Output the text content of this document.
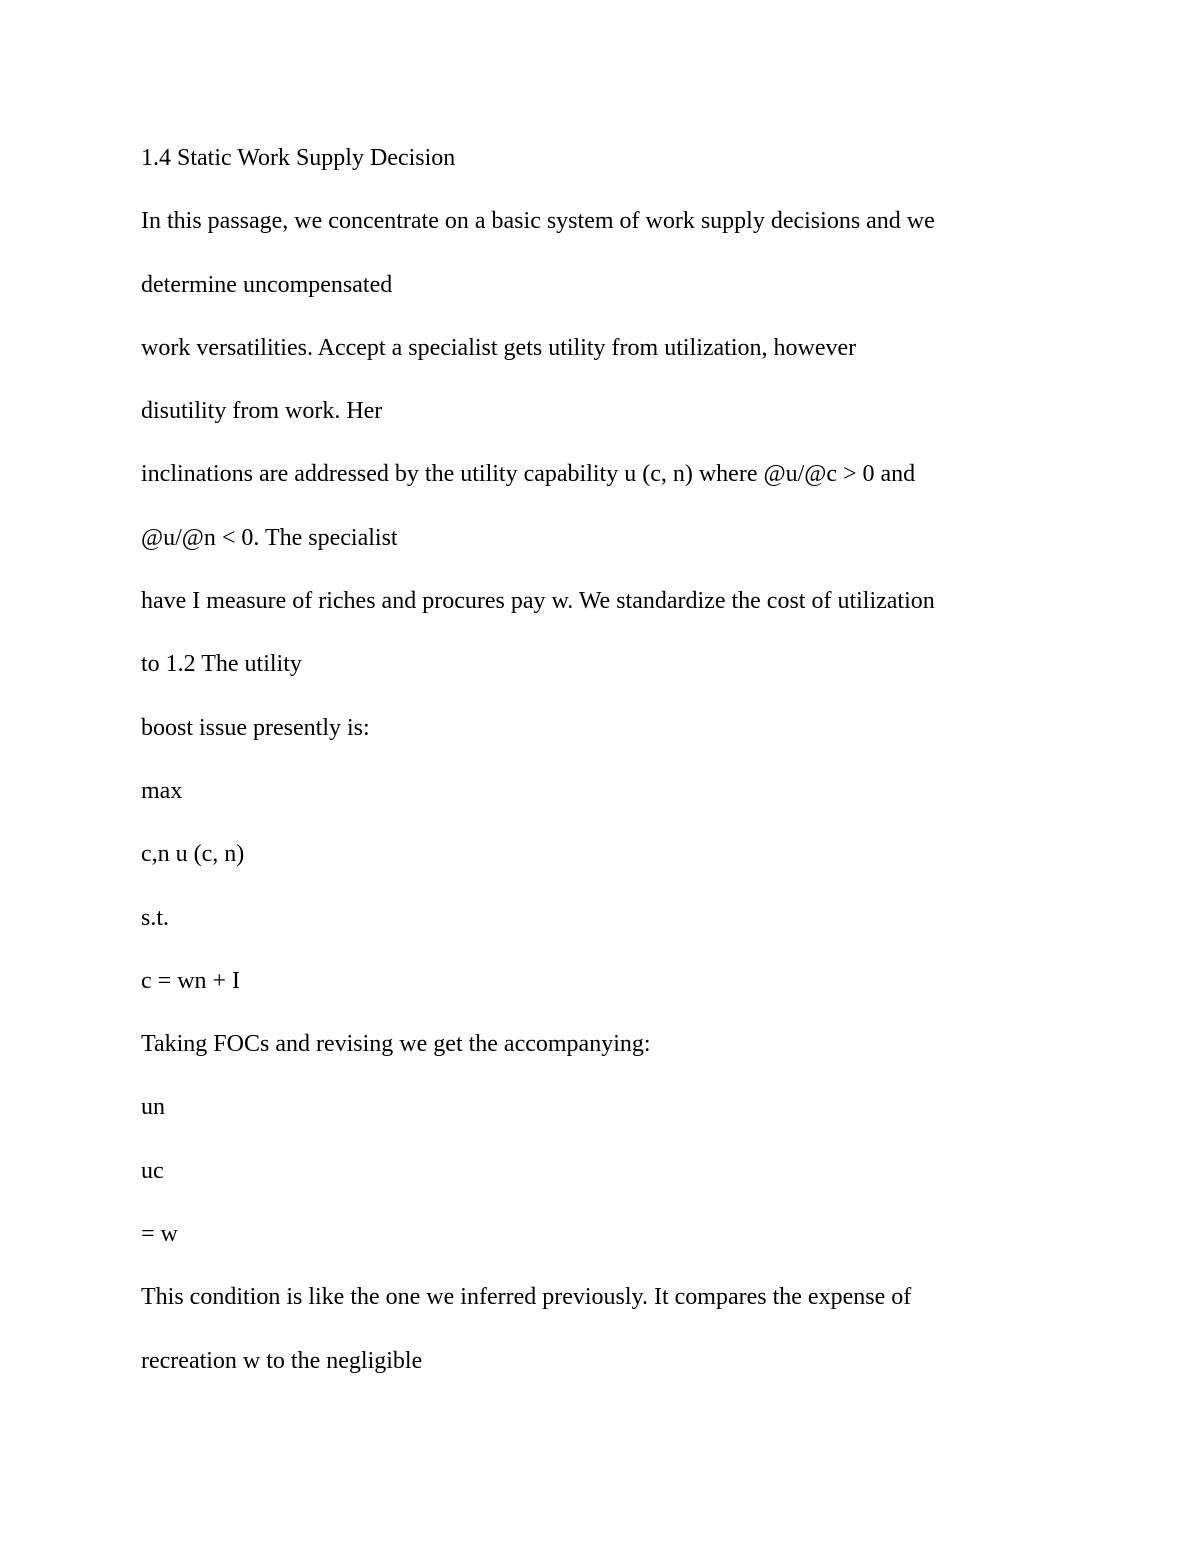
1.4 Static Work Supply Decision
In this passage, we concentrate on a basic system of work supply decisions and we
determine uncompensated
work versatilities. Accept a specialist gets utility from utilization, however
disutility from work. Her
inclinations are addressed by the utility capability u (c, n) where @u/@c > 0 and
@u/@n < 0. The specialist
have I measure of riches and procures pay w. We standardize the cost of utilization
to 1.2 The utility
boost issue presently is:
max
c,n u (c, n)
s.t.
c = wn + I
Taking FOCs and revising we get the accompanying:
un
uc
= w
This condition is like the one we inferred previously. It compares the expense of
recreation w to the negligible
